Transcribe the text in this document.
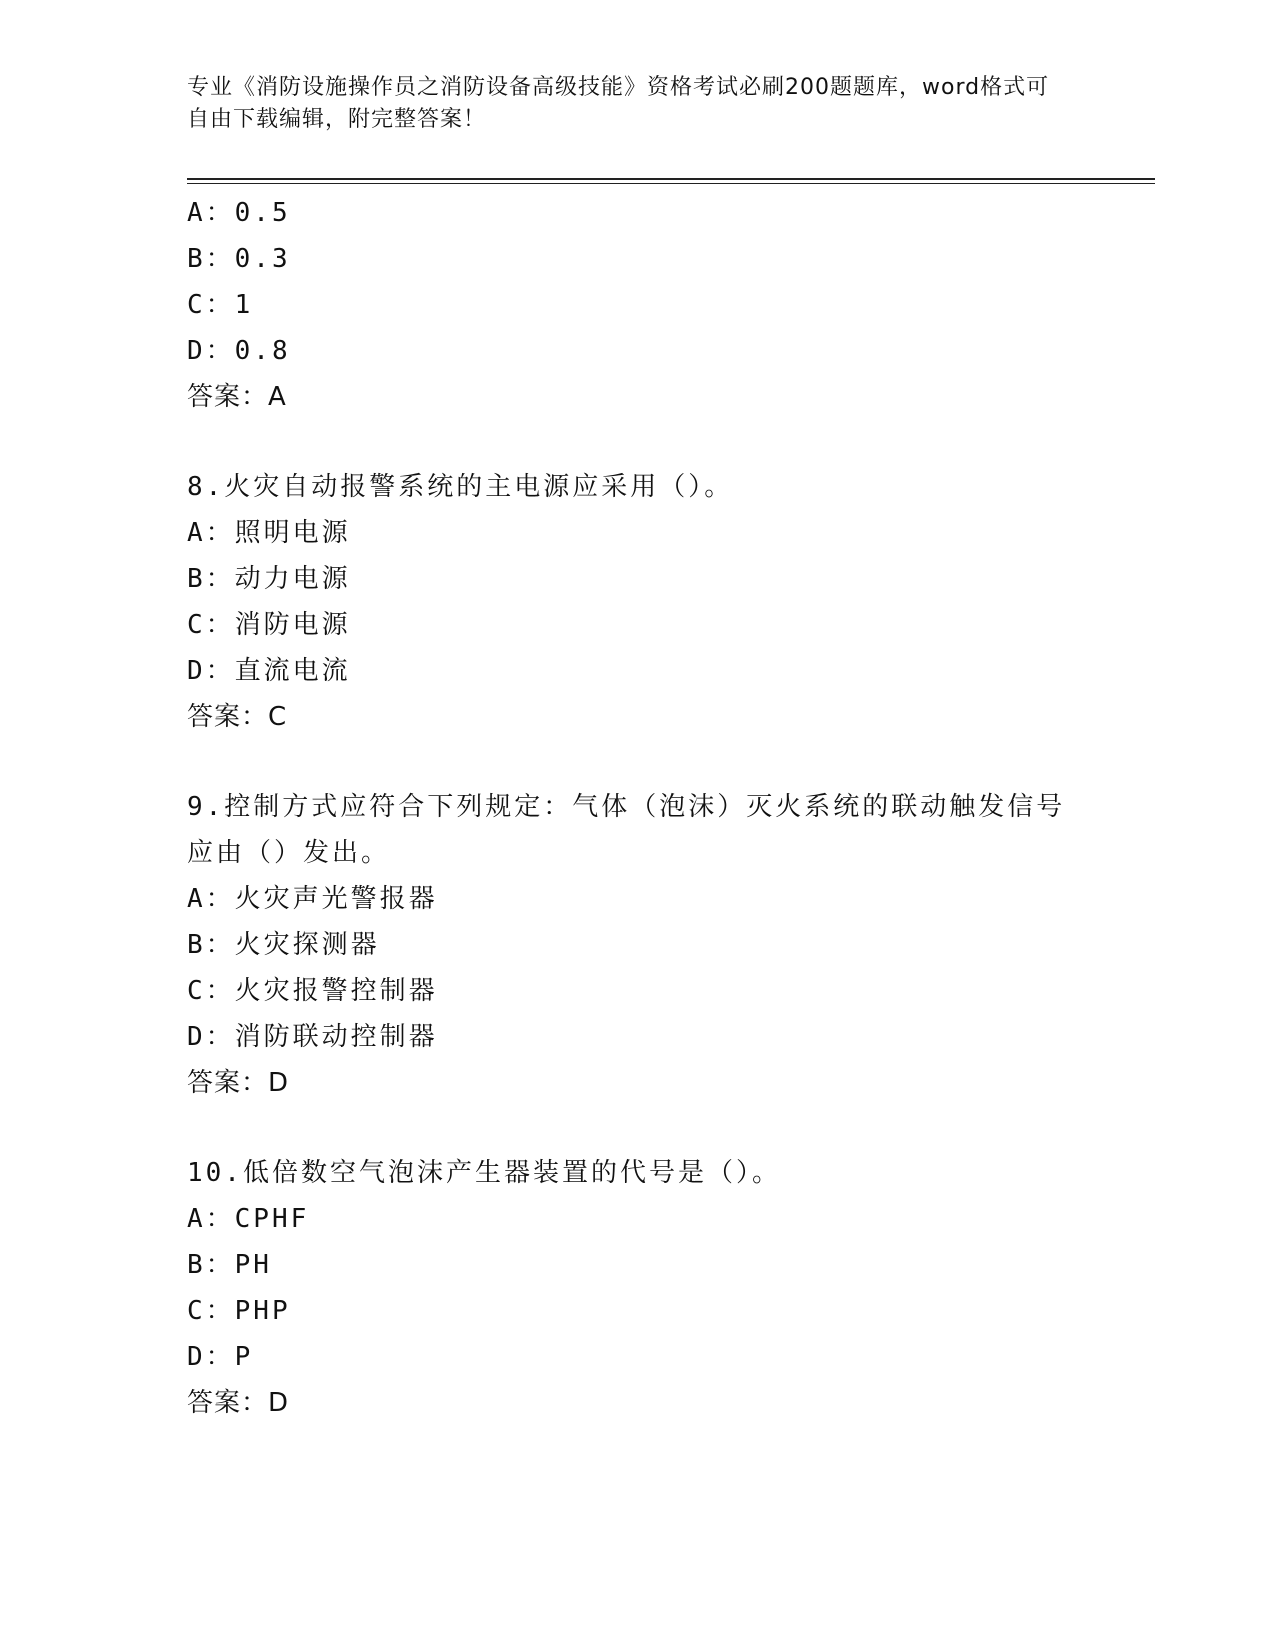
专业《消防设施操作员之消防设备高级技能》资格考试必刷200题题库，word格式可自由下载编辑，附完整答案！
A：0.5
B：0.3
C：1
D：0.8
答案：A
8.火灾自动报警系统的主电源应采用（）。
A：照明电源
B：动力电源
C：消防电源
D：直流电流
答案：C
9.控制方式应符合下列规定：气体（泡沫）灭火系统的联动触发信号应由（）发出。
A：火灾声光警报器
B：火灾探测器
C：火灾报警控制器
D：消防联动控制器
答案：D
10.低倍数空气泡沫产生器装置的代号是（）。
A：CPHF
B：PH
C：PHP
D：P
答案：D
